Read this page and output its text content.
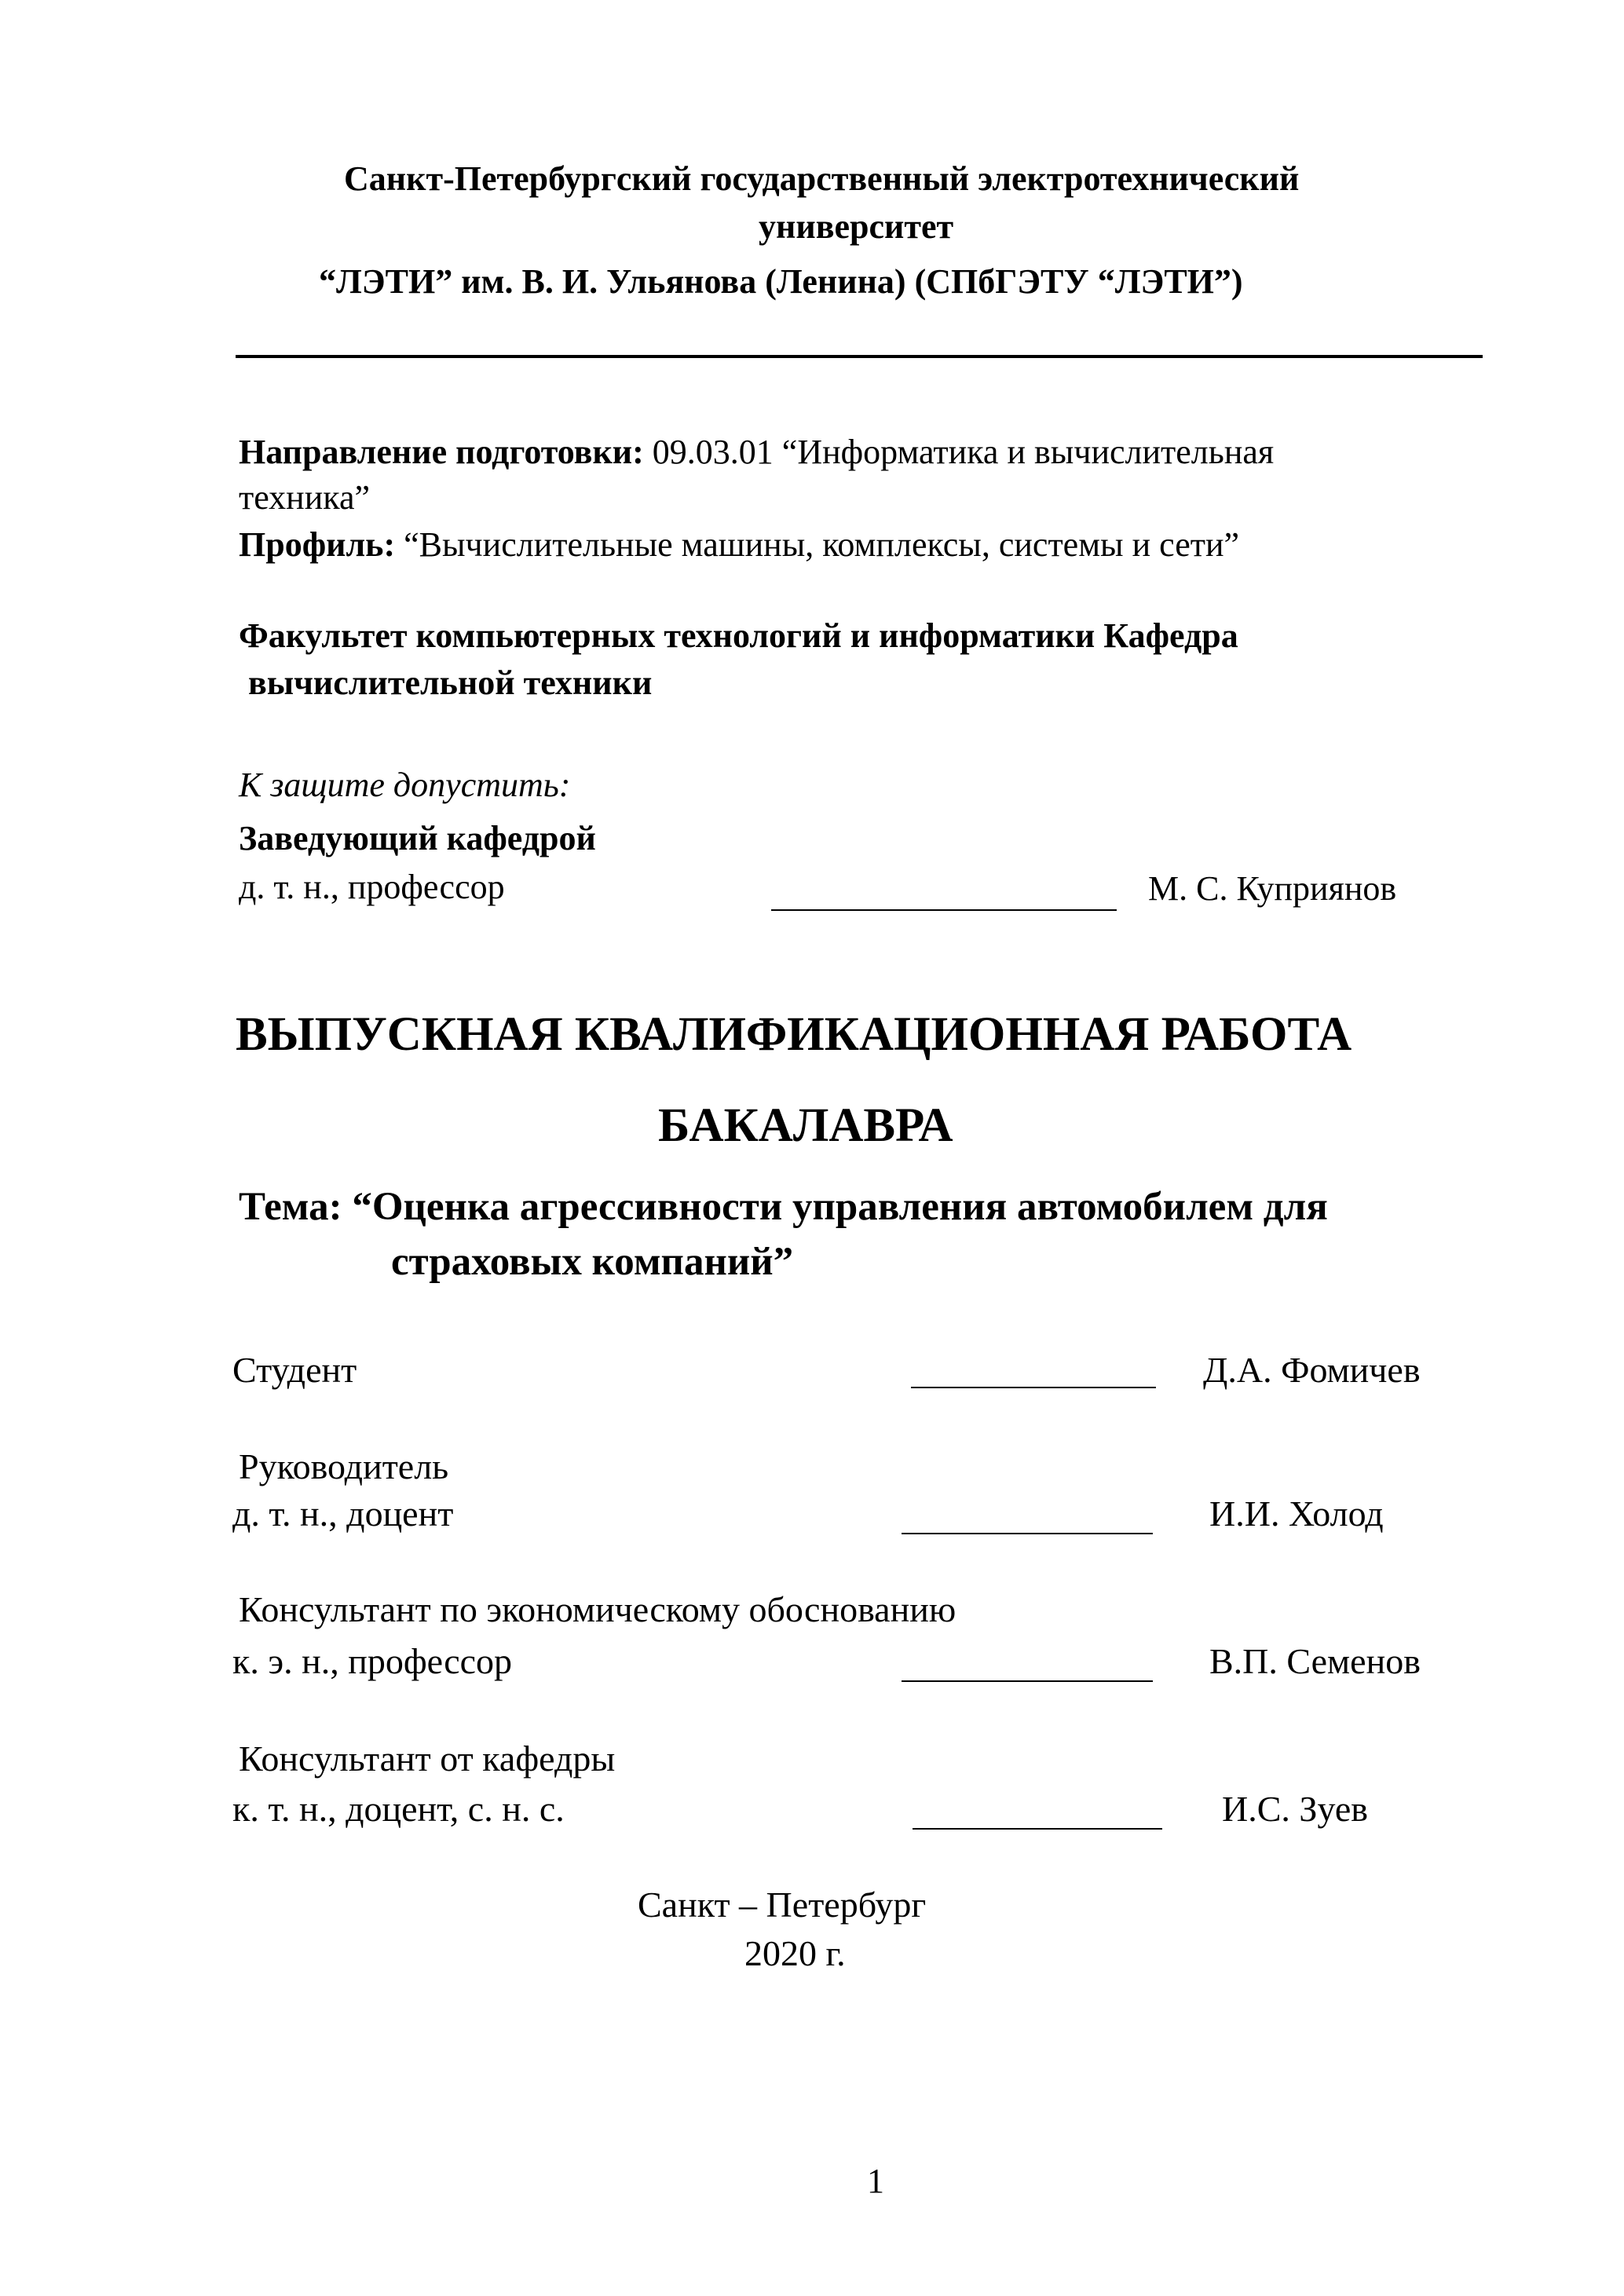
Санкт-Петербургский государственный электротехнический
университет
“ЛЭТИ” им. В. И. Ульянова (Ленина) (СПбГЭТУ “ЛЭТИ”)
Направление подготовки: 09.03.01 “Информатика и вычислительная
техника”
Профиль: “Вычислительные машины, комплексы, системы и сети”
Факультет компьютерных технологий и информатики Кафедра
вычислительной техники
К защите допустить:
Заведующий кафедрой
д. т. н., профессор	М. С. Куприянов
ВЫПУСКНАЯ КВАЛИФИКАЦИОННАЯ РАБОТА
БАКАЛАВРА
Тема: “Оценка агрессивности управления автомобилем для
страховых компаний”
Студент	Д.А. Фомичев
Руководитель
д. т. н., доцент	И.И. Холод
Консультант по экономическому обоснованию
к. э. н., профессор	В.П. Семенов
Консультант от кафедры
к. т. н., доцент, с. н. с.	И.С. Зуев
Санкт – Петербург
2020 г.
1
